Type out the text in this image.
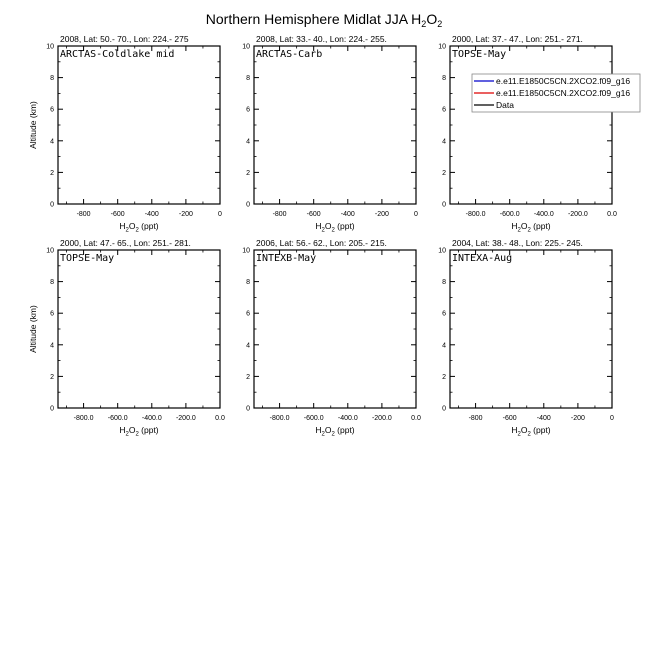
Northern Hemisphere Midlat JJA $H_2O_2$
2008, Lat: 50.- 70., Lon: 224.- 275
ARCTAS-Coldlake mid
-800	-600	-400	-200	0
0
2
4
6
8
10
$H_2O_2$ (ppt)
Altitude (km)
2008, Lat: 33.- 40., Lon: 224.- 255.
ARCTAS-Carb
-800	-600	-400	-200	0
0
2
4
6
8
10
$H_2O_2$ (ppt)
2000, Lat: 37.- 47., Lon: 251.- 271.
TOPSE-May
-800.0 -600.0 -400.0 -200.0	0.0
0
2
4
6
8
10
$H_2O_2$ (ppt)
e.e11.E1850C5CN.2XCO2.f09_g16
e.e11.E1850C5CN.2XCO2.f09_g16
Data
2000, Lat: 47.- 65., Lon: 251.- 281.
TOPSE-May
-800.0 -600.0 -400.0 -200.0	0.0
0
2
4
6
8
10
$H_2O_2$ (ppt)
Altitude (km)
2006, Lat: 56.- 62., Lon: 205.- 215.
INTEXB-May
-800.0 -600.0 -400.0 -200.0	0.0
0
2
4
6
8
10
$H_2O_2$ (ppt)
2004, Lat: 38.- 48., Lon: 225.- 245.
INTEXA-Aug
-800	-600	-400	-200	0
0
2
4
6
8
10
$H_2O_2$ (ppt)
